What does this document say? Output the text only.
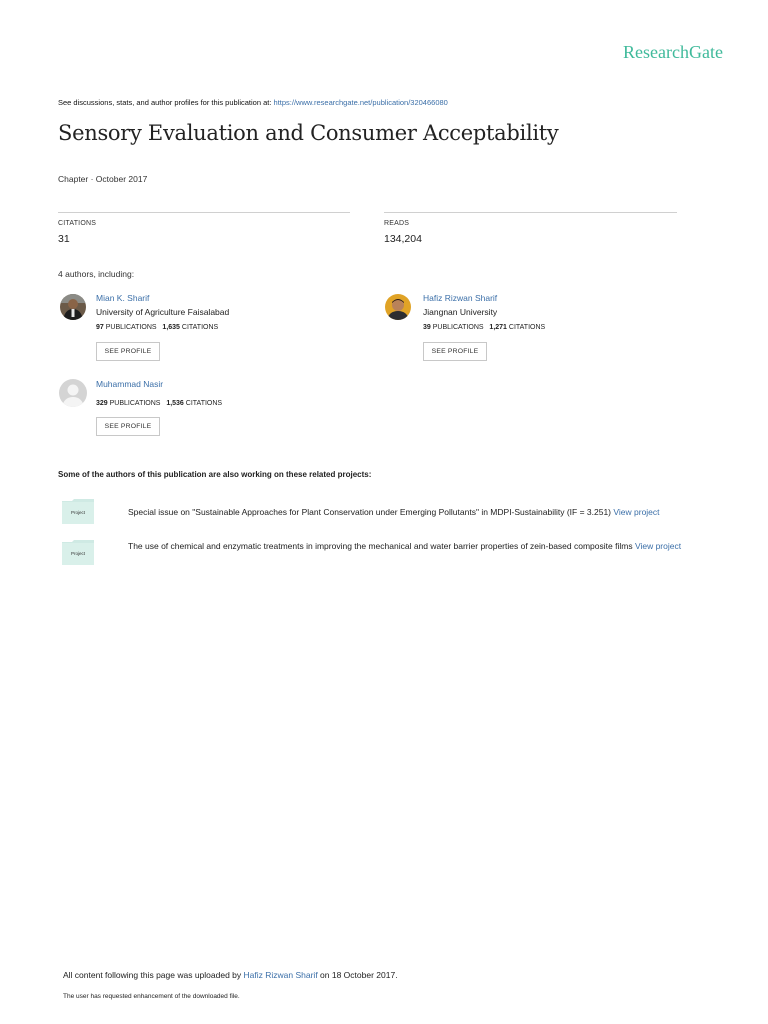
ResearchGate
See discussions, stats, and author profiles for this publication at: https://www.researchgate.net/publication/320466080
Sensory Evaluation and Consumer Acceptability
Chapter · October 2017
CITATIONS
31
READS
134,204
4 authors, including:
Mian K. Sharif
University of Agriculture Faisalabad
97 PUBLICATIONS 1,635 CITATIONS
SEE PROFILE
Hafiz Rizwan Sharif
Jiangnan University
39 PUBLICATIONS 1,271 CITATIONS
SEE PROFILE
Muhammad Nasir
329 PUBLICATIONS 1,536 CITATIONS
SEE PROFILE
Some of the authors of this publication are also working on these related projects:
Project	Special issue on "Sustainable Approaches for Plant Conservation under Emerging Pollutants" in MDPI-Sustainability (IF = 3.251) View project
Project
The use of chemical and enzymatic treatments in improving the mechanical and water barrier properties of zein-based composite films View project
All content following this page was uploaded by Hafiz Rizwan Sharif on 18 October 2017.
The user has requested enhancement of the downloaded file.
